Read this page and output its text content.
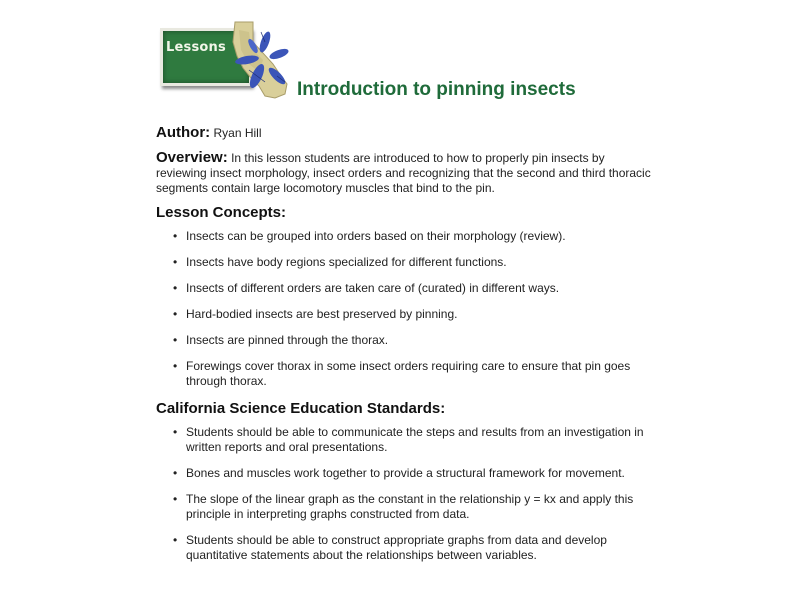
Lessons
Introduction to pinning insects

Author: Ryan Hill

Overview: In this lesson students are introduced to how to properly pin insects by reviewing insect morphology, insect orders and recognizing that the second and third thoracic segments contain large locomotory muscles that bind to the pin.

Lesson Concepts:
• Insects can be grouped into orders based on their morphology (review).
• Insects have body regions specialized for different functions.
• Insects of different orders are taken care of (curated) in different ways.
• Hard-bodied insects are best preserved by pinning.
• Insects are pinned through the thorax.
• Forewings cover thorax in some insect orders requiring care to ensure that pin goes through thorax.
California Science Education Standards:
• Students should be able to communicate the steps and results from an investigation in written reports and oral presentations.
• Bones and muscles work together to provide a structural framework for movement.
• The slope of the linear graph as the constant in the relationship y = kx and apply this principle in interpreting graphs constructed from data.
• Students should be able to construct appropriate graphs from data and develop quantitative statements about the relationships between variables.
